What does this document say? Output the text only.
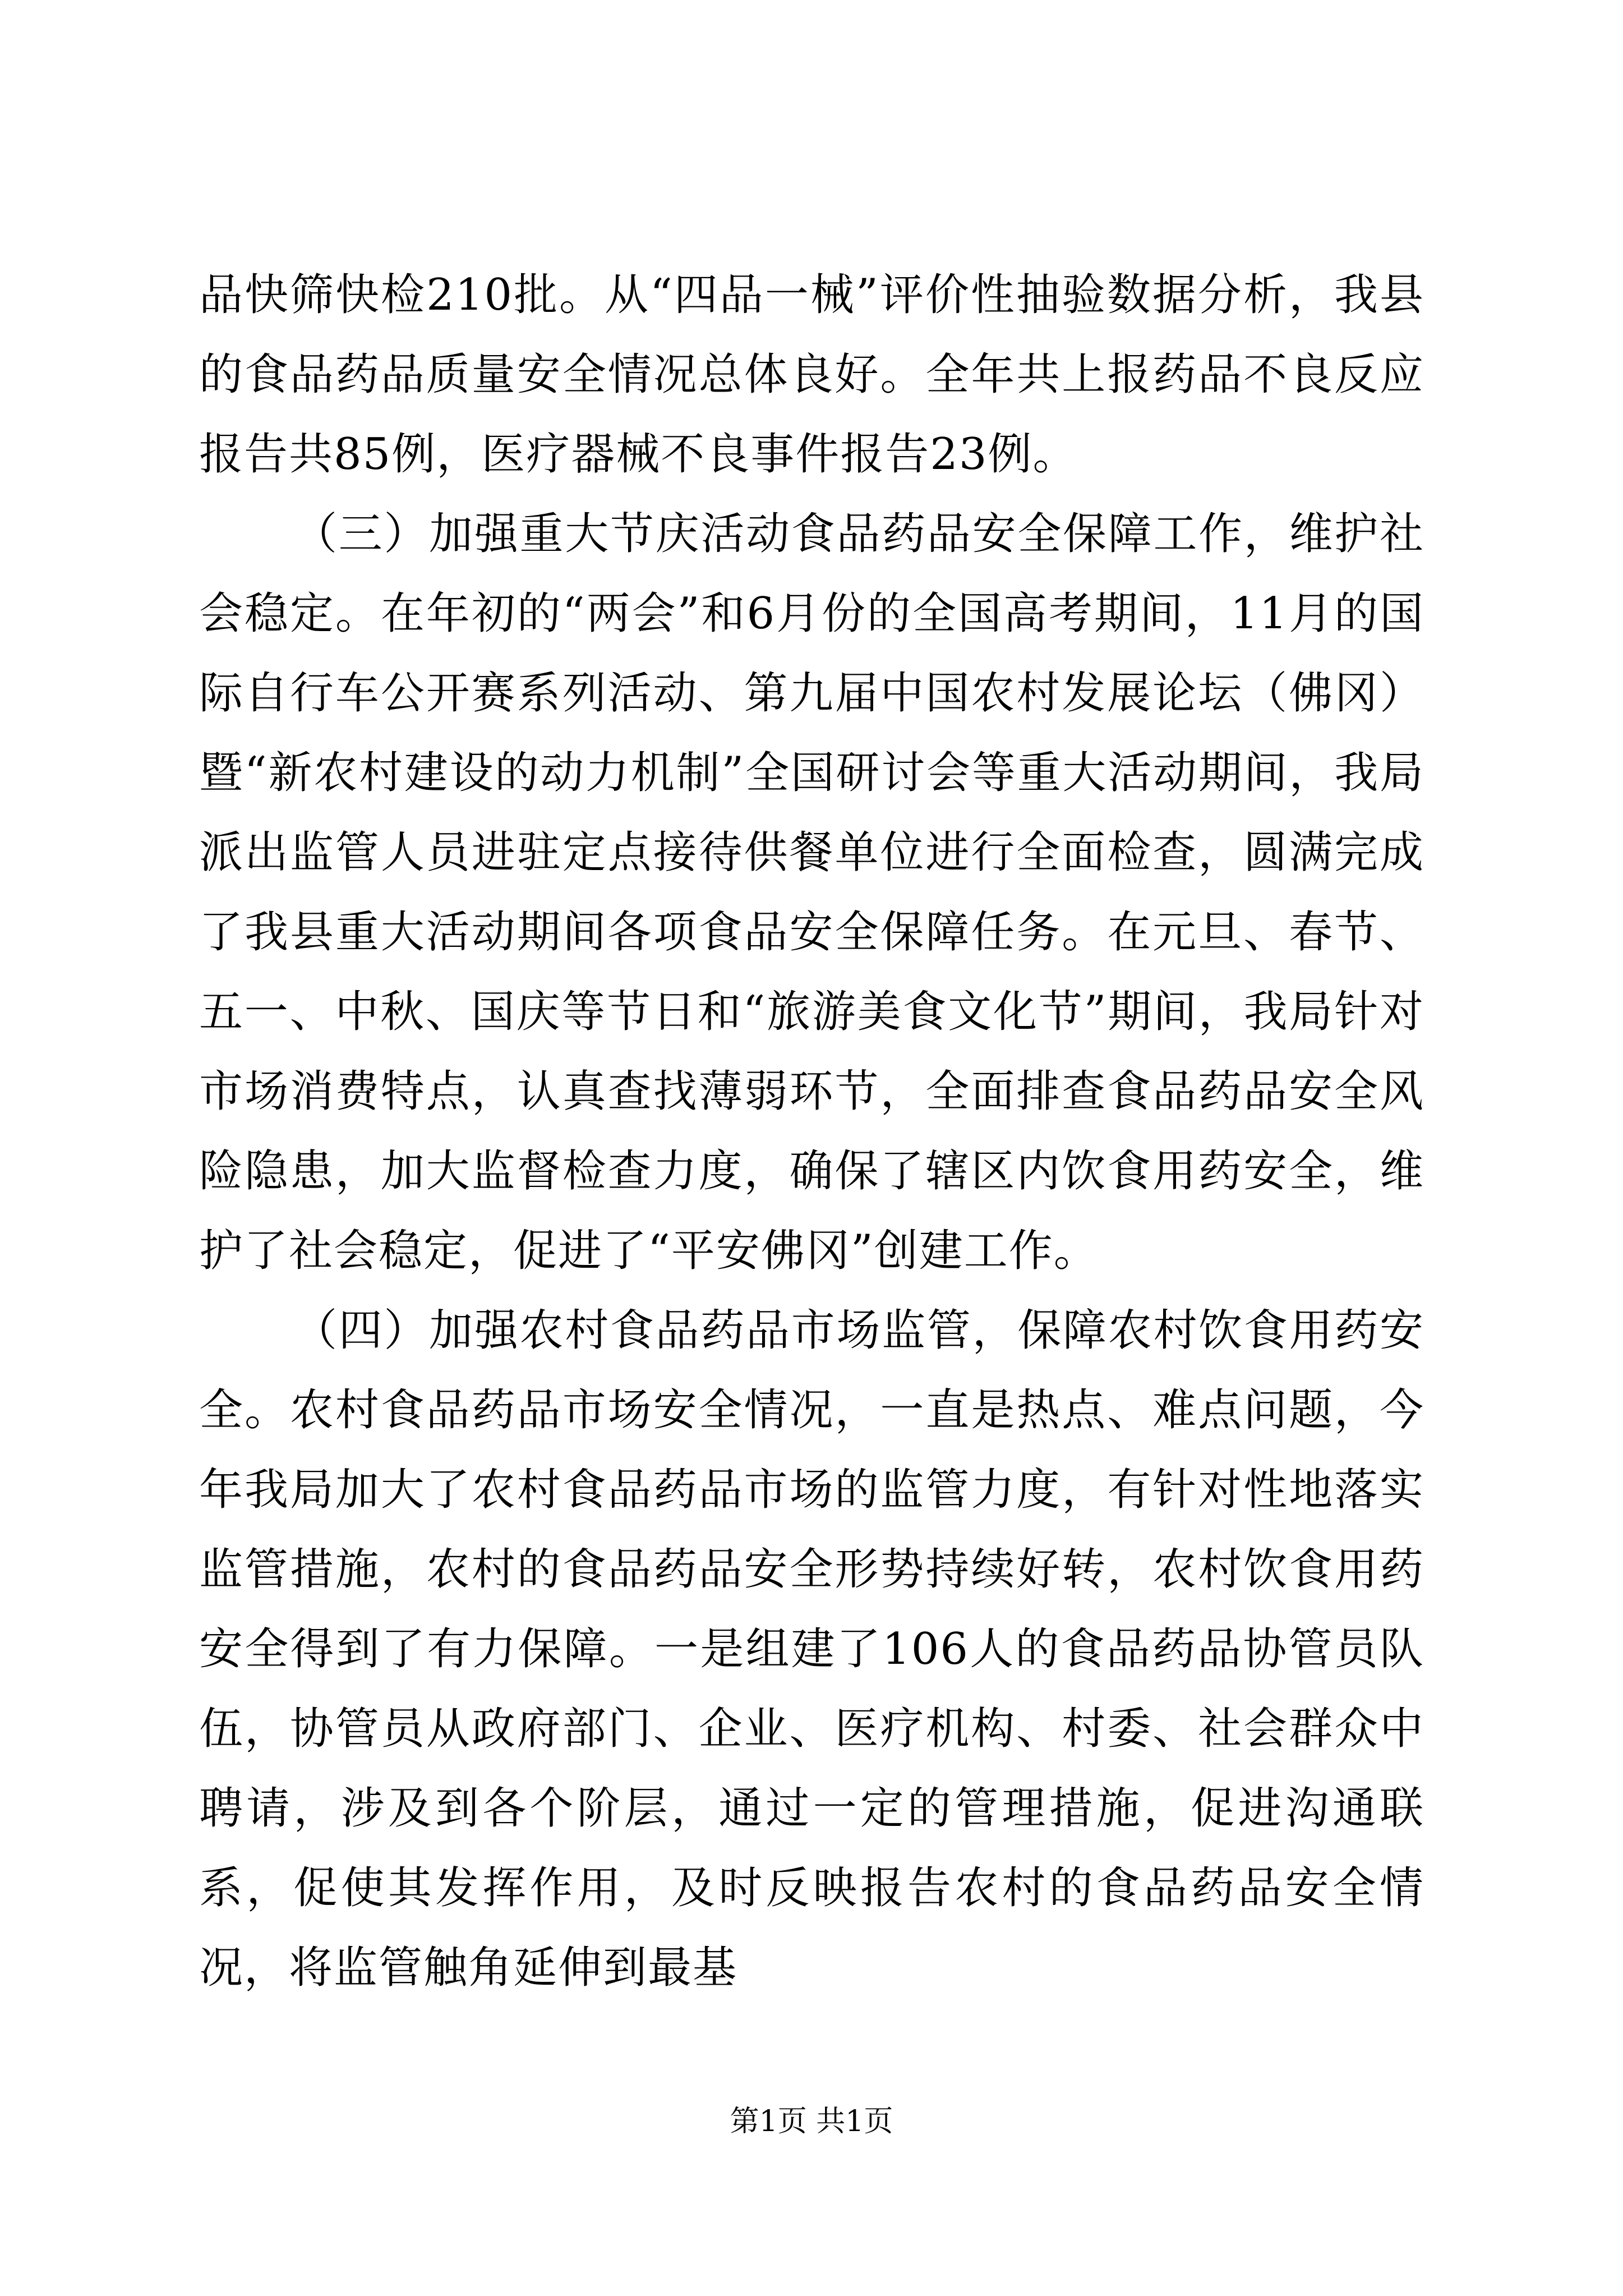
品快筛快检210批。从“四品一械”评价性抽验数据分析，我县的食品药品质量安全情况总体良好。全年共上报药品不良反应报告共85例，医疗器械不良事件报告23例。

（三）加强重大节庆活动食品药品安全保障工作，维护社会稳定。在年初的“两会”和6月份的全国高考期间，11月的国际自行车公开赛系列活动、第九届中国农村发展论坛（佛冈）暨“新农村建设的动力机制”全国研讨会等重大活动期间，我局派出监管人员进驻定点接待供餐单位进行全面检查，圆满完成了我县重大活动期间各项食品安全保障任务。在元旦、春节、五一、中秋、国庆等节日和“旅游美食文化节”期间，我局针对市场消费特点，认真查找薄弱环节，全面排查食品药品安全风险隐患，加大监督检查力度，确保了辖区内饮食用药安全，维护了社会稳定，促进了“平安佛冈”创建工作。

（四）加强农村食品药品市场监管，保障农村饮食用药安全。农村食品药品市场安全情况，一直是热点、难点问题，今年我局加大了农村食品药品市场的监管力度，有针对性地落实监管措施，农村的食品药品安全形势持续好转，农村饮食用药安全得到了有力保障。一是组建了106人的食品药品协管员队伍，协管员从政府部门、企业、医疗机构、村委、社会群众中聘请，涉及到各个阶层，通过一定的管理措施，促进沟通联系，促使其发挥作用，及时反映报告农村的食品药品安全情况，将监管触角延伸到最基

第1页 共1页
